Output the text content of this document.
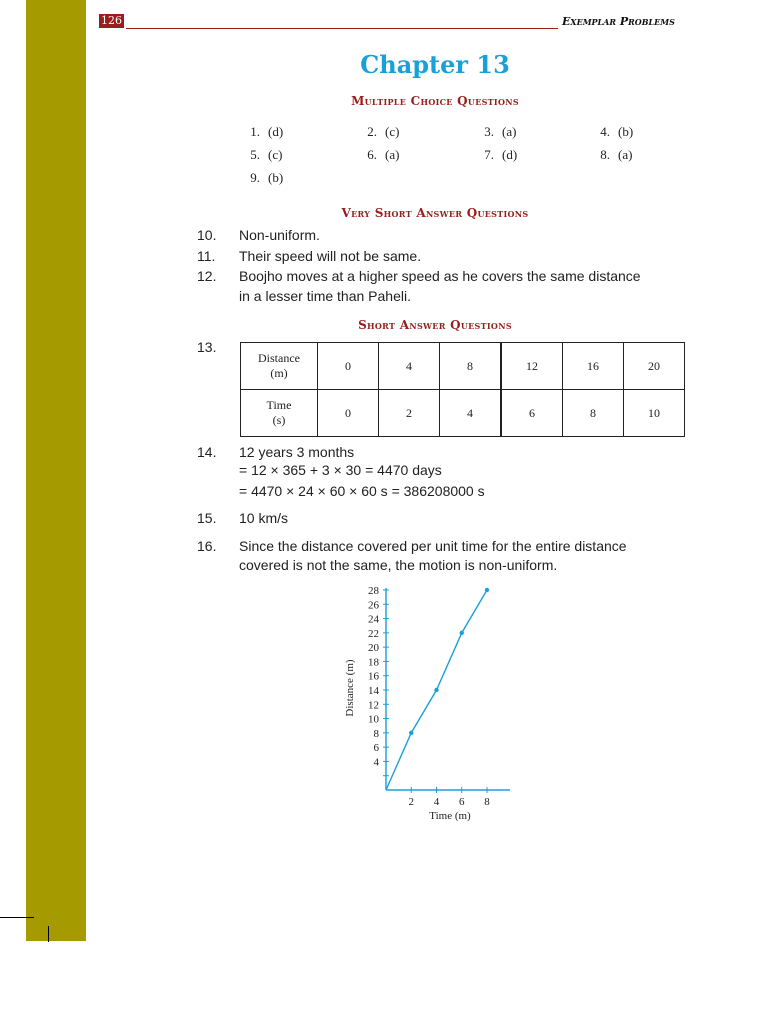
126	Exemplar Problems
Chapter 13
Multiple Choice Questions
1. (d)	2. (c)	3. (a)	4. (b)
5. (c)	6. (a)	7. (d)	8. (a)
9. (b)
Very Short Answer Questions
10.	Non-uniform.
11.	Their speed will not be same.
12.	Boojho moves at a higher speed as he covers the same distance
in a lesser time than Paheli.
Short Answer Questions
13.
Distance
(m)	0	4	8	12	16	20
Time
(s)	0	2	4	6	8	10
14.	12 years 3 months
= 12 × 365 + 3 × 30 = 4470 days
= 4470 × 24 × 60 × 60 s = 386208000 s
15.	10 km/s
16.	Since the distance covered per unit time for the entire distance
covered is not the same, the motion is non-uniform.
4
6
8
10
12
14
16
18
20
22
24
26
28
2 4 6 8
Time (m)
Distance (m)
